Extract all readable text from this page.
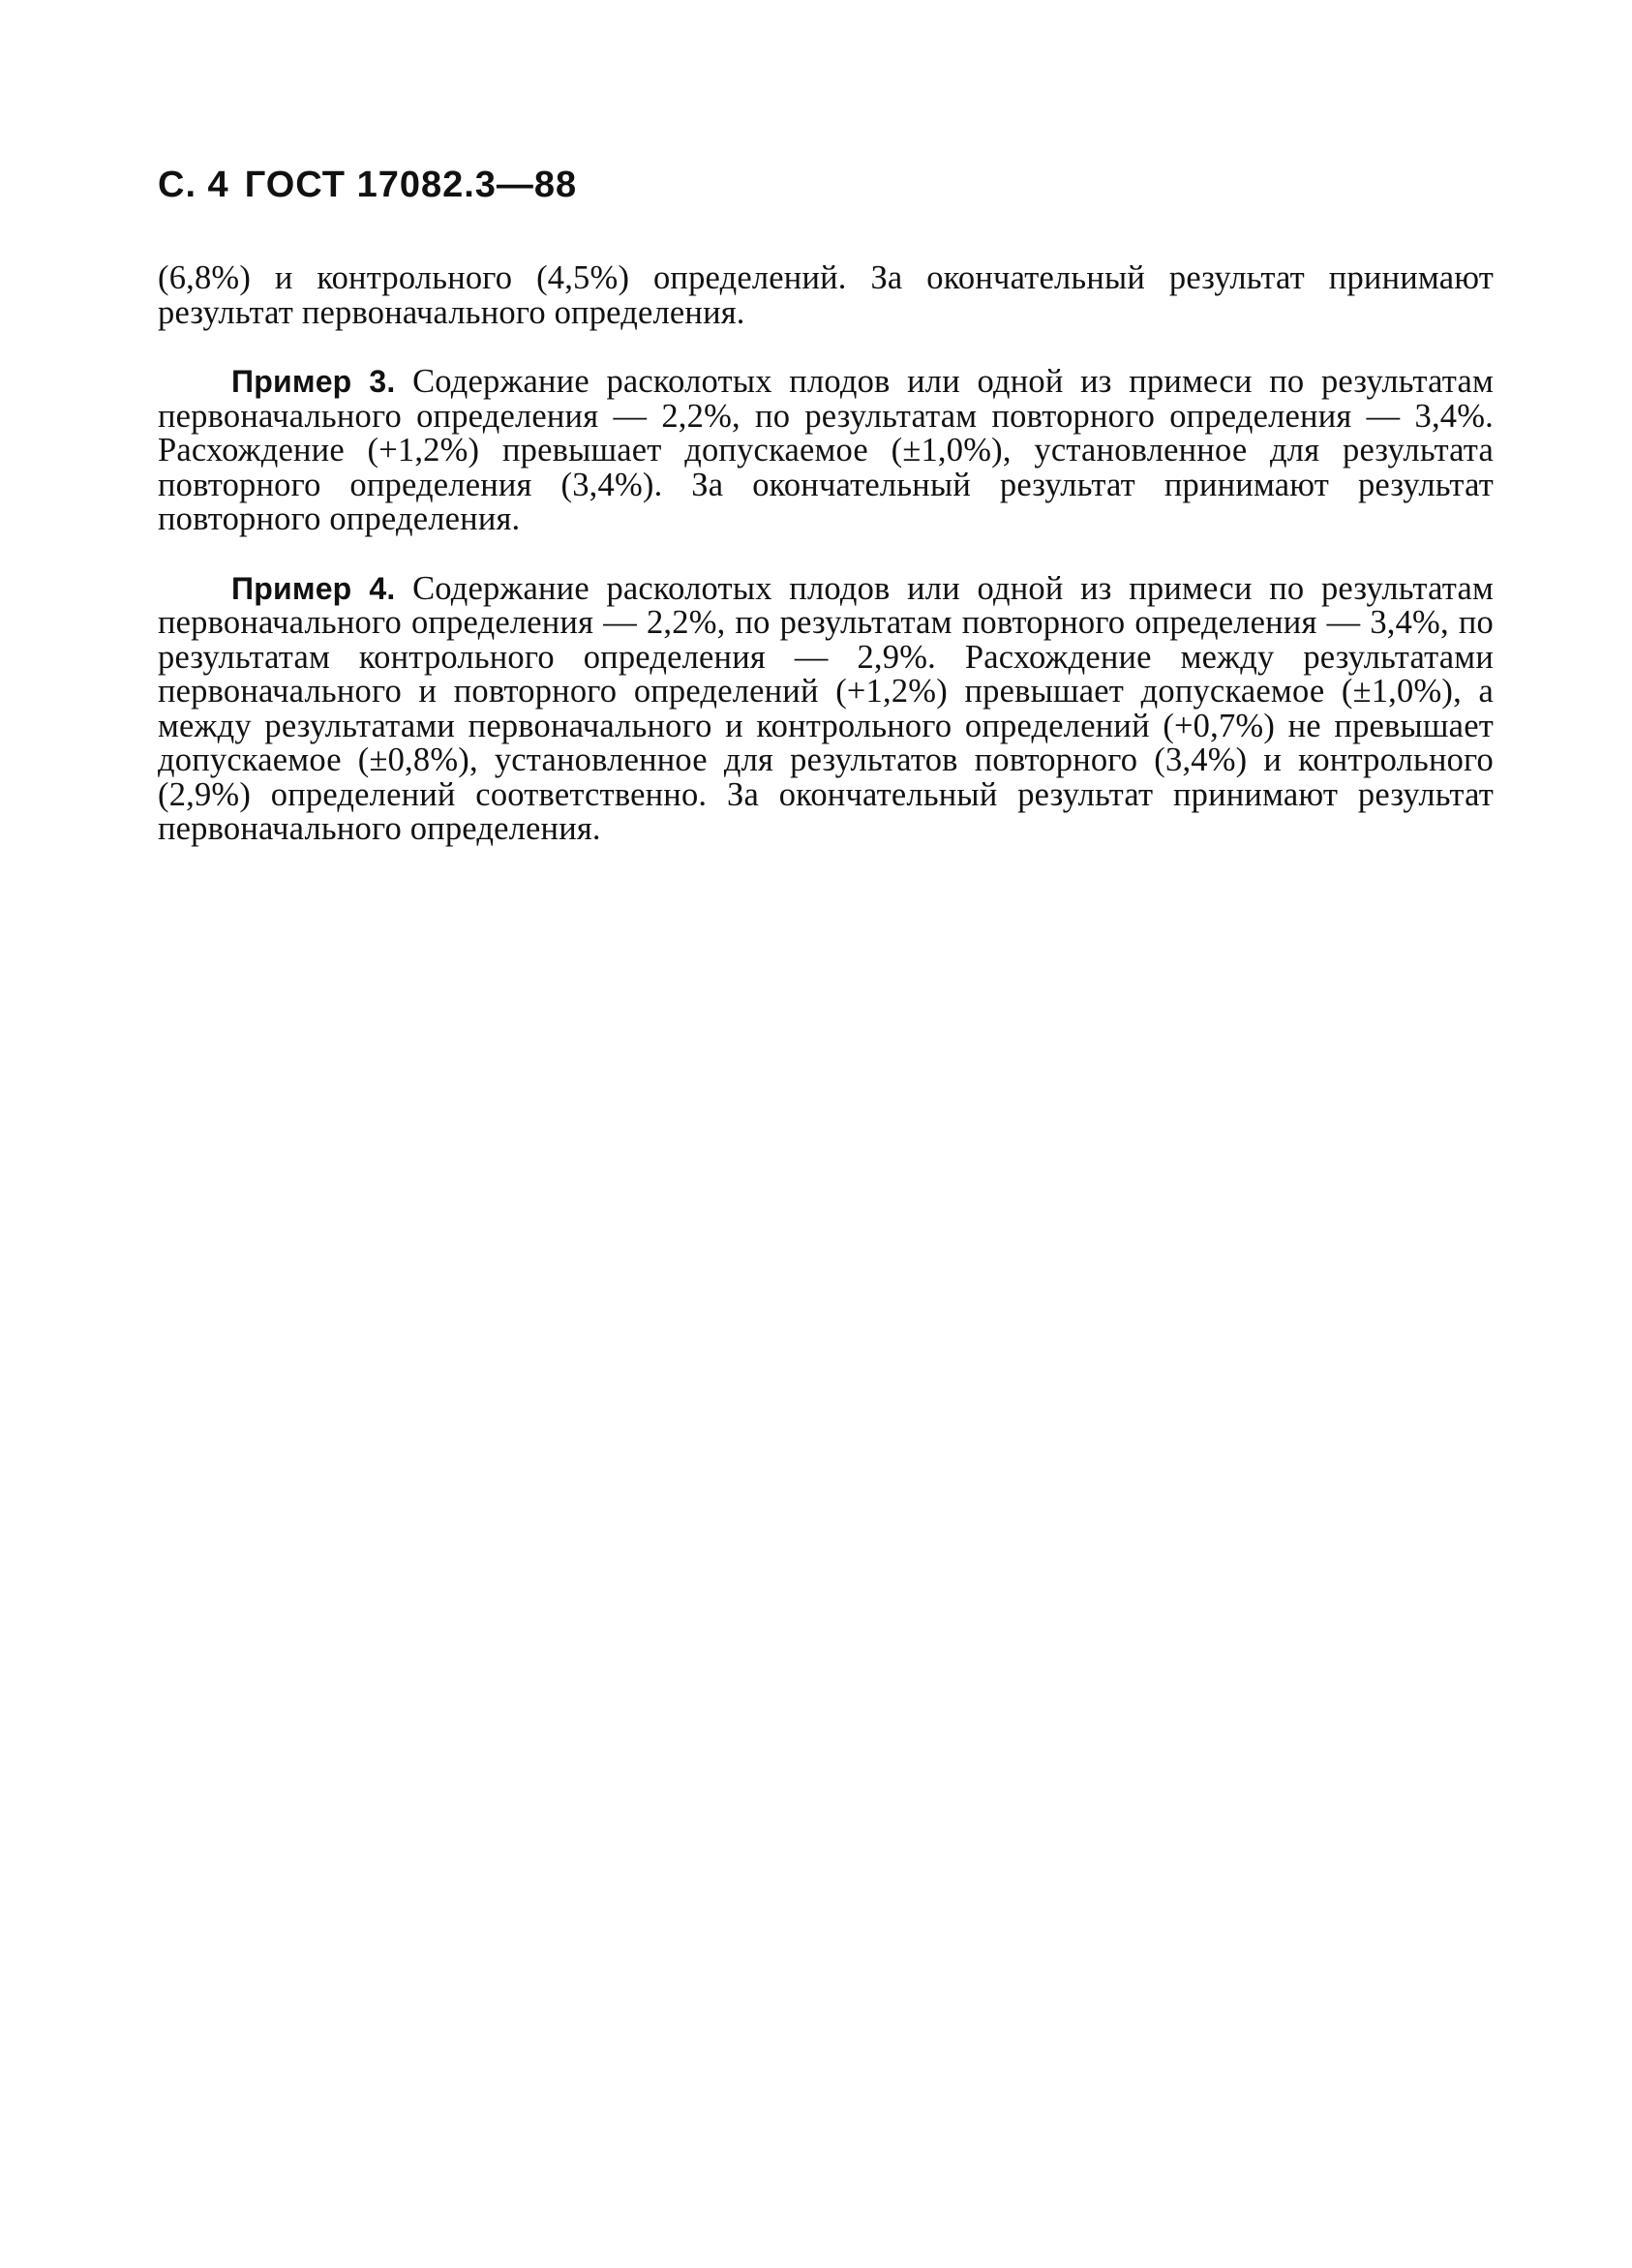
С. 4 ГОСТ 17082.3—88

(6,8%) и контрольного (4,5%) определений. За окончательный результат принимают результат первоначального определения.

Пример 3. Содержание расколотых плодов или одной из примеси по результатам первоначального определения — 2,2%, по результатам повторного определения — 3,4%. Расхождение (+1,2%) превышает допускаемое (±1,0%), установленное для результата повторного определения (3,4%). За окончательный результат принимают результат повторного определения.

Пример 4. Содержание расколотых плодов или одной из примеси по результатам первоначального определения — 2,2%, по результатам повторного определения — 3,4%, по результатам контрольного определения — 2,9%. Расхождение между результатами первоначального и повторного определений (+1,2%) превышает допускаемое (±1,0%), а между результатами первоначального и контрольного определений (+0,7%) не превышает допускаемое (±0,8%), установленное для результатов повторного (3,4%) и контрольного (2,9%) определений соответственно. За окончательный результат принимают результат первоначального определения.
